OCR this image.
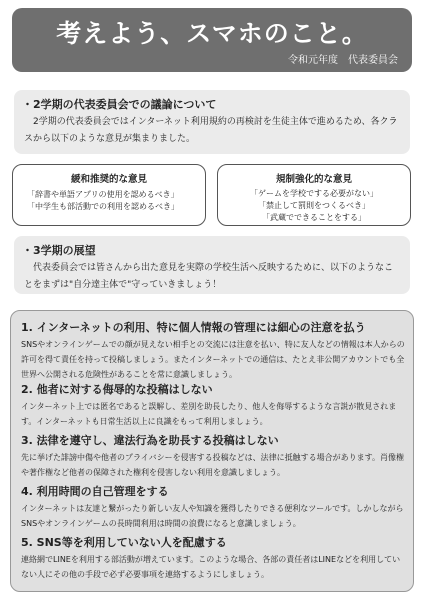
考えよう、スマホのこと。
令和元年度　代表委員会
・2学期の代表委員会での議論について
　2学期の代表委員会ではインターネット利用規約の再検討を生徒主体で進めるため、各クラスから以下のような意見が集まりました。
緩和推奨的な意見
「辞書や単語アプリの使用を認めるべき」
「中学生も部活動での利用を認めるべき」
規制強化的な意見
「ゲームを学校でする必要がない」
「禁止して罰則をつくるべき」
「武蔵でできることをする」
・3学期の展望
　代表委員会では皆さんから出た意見を実際の学校生活へ反映するために、以下のようなことをまずは"自分達主体で"守っていきましょう！
1. インターネットの利用、特に個人情報の管理には細心の注意を払う
SNSやオンラインゲームでの顔が見えない相手との交流には注意を払い、特に友人などの情報は本人からの許可を得て責任を持って投稿しましょう。またインターネットでの通信は、たとえ非公開アカウントでも全世界へ公開される危険性があることを常に意識しましょう。
2. 他者に対する侮辱的な投稿はしない
インターネット上では匿名であると誤解し、差別を助長したり、他人を侮辱するような言説が散見されます。インターネットも日常生活以上に良識をもって利用しましょう。
3. 法律を遵守し、違法行為を助長する投稿はしない
先に挙げた誹謗中傷や他者のプライバシーを侵害する投稿などは、法律に抵触する場合があります。肖像権や著作権など他者の保障された権利を侵害しない利用を意識しましょう。
4. 利用時間の自己管理をする
インターネットは友達と繋がったり新しい友人や知識を獲得したりできる便利なツールです。しかしながらSNSやオンラインゲームの長時間利用は時間の浪費になると意識しましょう。
5. SNS等を利用していない人を配慮する
連絡網でLINEを利用する部活動が増えています。このような場合、各部の責任者はLINEなどを利用していない人にその他の手段で必ず必要事項を連絡するようにしましょう。
